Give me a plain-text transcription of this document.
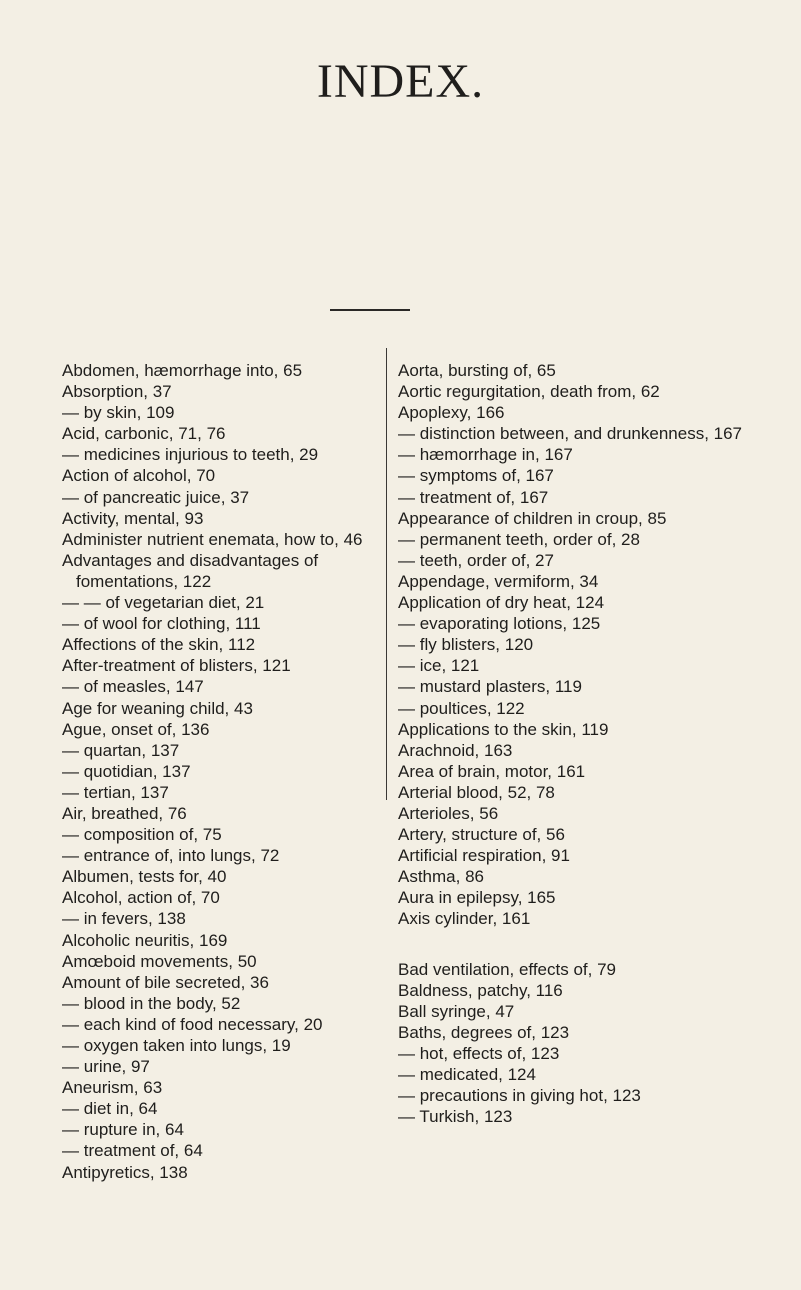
INDEX.

Abdomen, hæmorrhage into, 65

Absorption, 37

— by skin, 109

Acid, carbonic, 71, 76

— medicines injurious to teeth, 29

Action of alcohol, 70

— of pancreatic juice, 37

Activity, mental, 93

Administer nutrient enemata, how to, 46

Advantages and disadvantages of fomentations, 122

— — of vegetarian diet, 21

— of wool for clothing, 111

Affections of the skin, 112

After-treatment of blisters, 121

— of measles, 147

Age for weaning child, 43

Ague, onset of, 136

— quartan, 137

— quotidian, 137

— tertian, 137

Air, breathed, 76

— composition of, 75

— entrance of, into lungs, 72

Albumen, tests for, 40

Alcohol, action of, 70

— in fevers, 138

Alcoholic neuritis, 169

Amœboid movements, 50

Amount of bile secreted, 36

— blood in the body, 52

— each kind of food necessary, 20

— oxygen taken into lungs, 19

— urine, 97

Aneurism, 63

— diet in, 64

— rupture in, 64

— treatment of, 64

Antipyretics, 138

Aorta, bursting of, 65

Aortic regurgitation, death from, 62

Apoplexy, 166

— distinction between, and drunkenness, 167

— hæmorrhage in, 167

— symptoms of, 167

— treatment of, 167

Appearance of children in croup, 85

— permanent teeth, order of, 28

— teeth, order of, 27

Appendage, vermiform, 34

Application of dry heat, 124

— evaporating lotions, 125

— fly blisters, 120

— ice, 121

— mustard plasters, 119

— poultices, 122

Applications to the skin, 119

Arachnoid, 163

Area of brain, motor, 161

Arterial blood, 52, 78

Arterioles, 56

Artery, structure of, 56

Artificial respiration, 91

Asthma, 86

Aura in epilepsy, 165

Axis cylinder, 161

Bad ventilation, effects of, 79

Baldness, patchy, 116

Ball syringe, 47

Baths, degrees of, 123

— hot, effects of, 123

— medicated, 124

— precautions in giving hot, 123

— Turkish, 123
